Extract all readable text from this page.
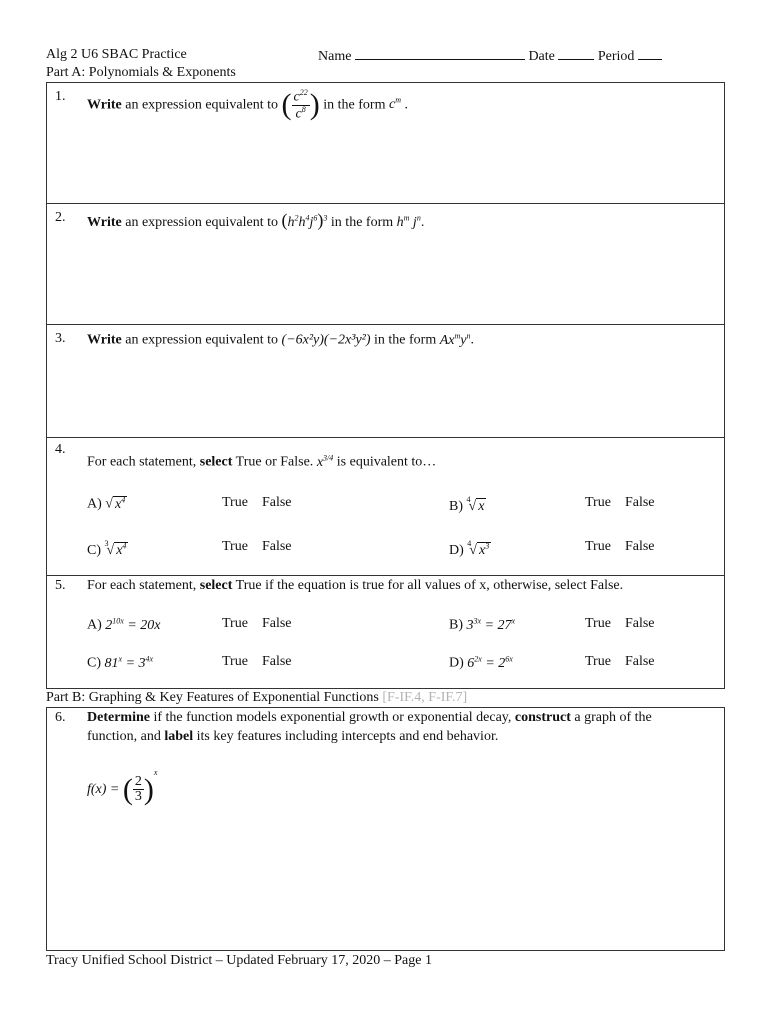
Alg 2 U6 SBAC Practice	Name	Date	Period
Part A: Polynomials & Exponents
1.
Write an expression equivalent to ( $\frac{c^{22}}{c^8}$ ) in the form $c^m$ .
2. Write an expression equivalent to $(h^2h^4j^6)^3$ in the form $h^m$ $j^n$.
3. Write an expression equivalent to (−6x²y)(−2x³y²) in the form $Ax^my^n$.
4.
For each statement, select True or False. $x^{3/4}$ is equivalent to…
A) √ $x^4$	True False	B) $^4$√ x	True False
C) $^3$√ $x^4$	True False	D) $^4$√ $x^3$	True False
5. For each statement, select True if the equation is true for all values of x, otherwise, select False.
A) $2^{10x} = 20x$	True False	B) $3^{3x} = 27^x$	True False
C) $81^x = 3^{4x}$	True False	D) $6^{2x} = 2^{6x}$	True False
Part B: Graphing & Key Features of Exponential Functions [F-IF.4, F-IF.7]
6. Determine if the function models exponential growth or exponential decay, construct a graph of the
function, and label its key features including intercepts and end behavior.
f(x) = ( $\frac{2}{3} )^x$
Tracy Unified School District – Updated February 17, 2020 – Page 1
